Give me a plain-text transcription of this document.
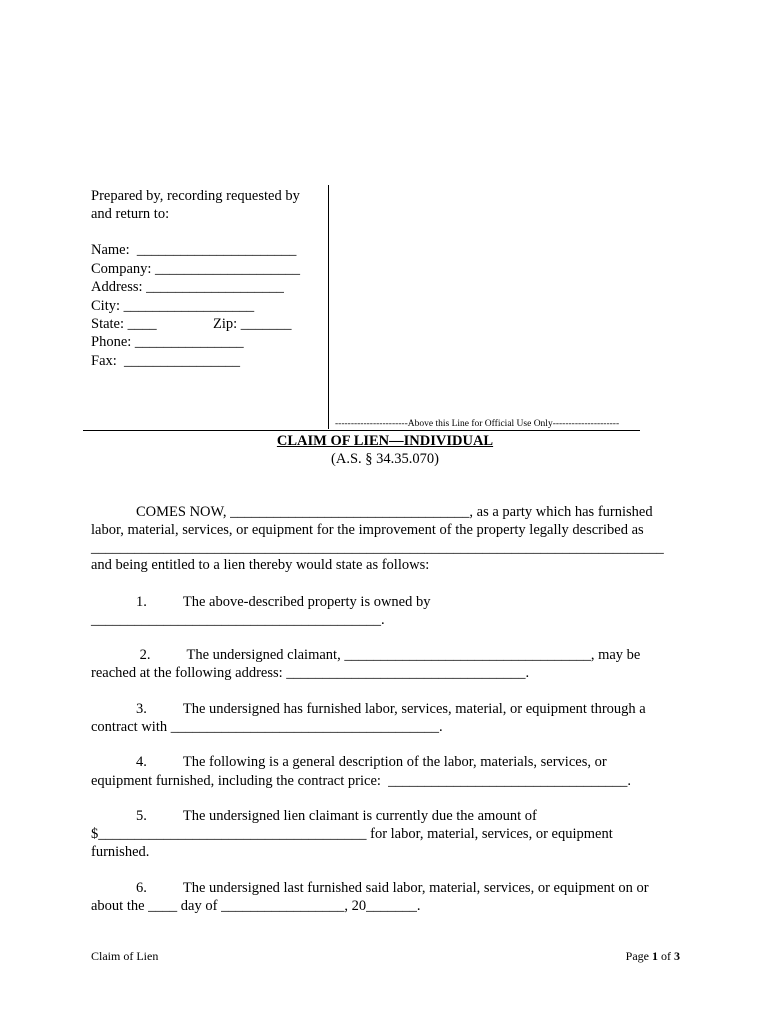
Prepared by, recording requested by
and return to:
Name:  ______________________
Company: ____________________
Address: ___________________
City: __________________
State: ____	Zip: _______
Phone: _______________
Fax:  ________________
-----------------------Above this Line for Official Use Only---------------------
CLAIM OF LIEN—INDIVIDUAL
(A.S. § 34.35.070)
COMES NOW, _________________________________, as a party which has furnished
labor, material, services, or equipment for the improvement of the property legally described as
_______________________________________________________________________________
and being entitled to a lien thereby would state as follows:
1.          The above-described property is owned by
________________________________________.
2.          The undersigned claimant, __________________________________, may be
reached at the following address: _________________________________.
3.          The undersigned has furnished labor, services, material, or equipment through a
contract with _____________________________________.
4.          The following is a general description of the labor, materials, services, or
equipment furnished, including the contract price:  _________________________________.
5.          The undersigned lien claimant is currently due the amount of
$_____________________________________ for labor, material, services, or equipment
furnished.
6.          The undersigned last furnished said labor, material, services, or equipment on or
about the ____ day of _________________, 20_______.
Claim of Lien	Page 1 of 3
